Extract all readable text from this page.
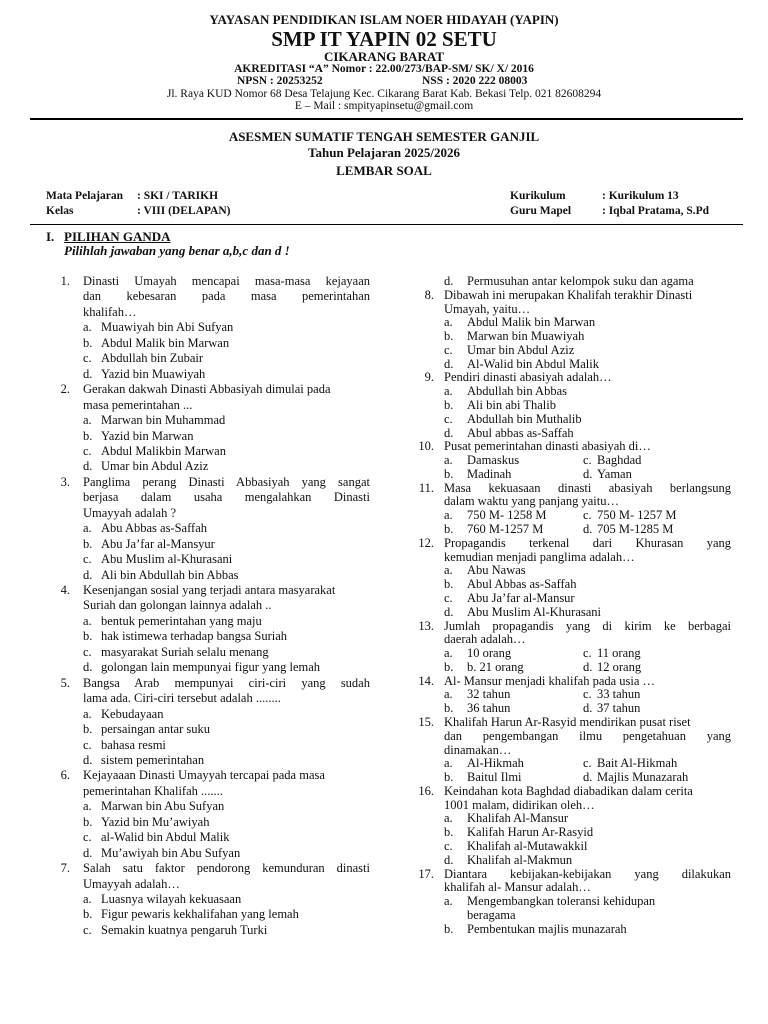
YAYASAN PENDIDIKAN ISLAM NOER HIDAYAH (YAPIN)
SMP IT YAPIN 02 SETU
CIKARANG BARAT
AKREDITASI “A” Nomor : 22.00/273/BAP-SM/ SK/ X/ 2016
NPSN : 20253252	NSS : 2020 222 08003
Jl. Raya KUD Nomor 68 Desa Telajung Kec. Cikarang Barat Kab. Bekasi Telp. 021 82608294
E – Mail : smpityapinsetu@gmail.com
ASESMEN SUMATIF TENGAH SEMESTER GANJIL
Tahun Pelajaran 2025/2026
LEMBAR SOAL
Mata Pelajaran : SKI / TARIKH
Kelas	: VIII (DELAPAN)
Kurikulum	: Kurikulum 13
Guru Mapel	: Iqbal Pratama, S.Pd
I. PILIHAN GANDA
Pilihlah jawaban yang benar a,b,c dan d !
1. Dinasti Umayah mencapai masa-masa kejayaan
dan kebesaran pada masa pemerintahan
khalifah…
a. Muawiyah bin Abi Sufyan
b. Abdul Malik bin Marwan
c. Abdullah bin Zubair
d. Yazid bin Muawiyah
2. Gerakan dakwah Dinasti Abbasiyah dimulai pada
masa pemerintahan ...
a. Marwan bin Muhammad
b. Yazid bin Marwan
c. Abdul Malikbin Marwan
d. Umar bin Abdul Aziz
3. Panglima perang Dinasti Abbasiyah yang sangat
berjasa dalam usaha mengalahkan Dinasti
Umayyah adalah ?
a. Abu Abbas as-Saffah
b. Abu Ja’far al-Mansyur
c. Abu Muslim al-Khurasani
d. Ali bin Abdullah bin Abbas
4. Kesenjangan sosial yang terjadi antara masyarakat
Suriah dan golongan lainnya adalah ..
a. bentuk pemerintahan yang maju
b. hak istimewa terhadap bangsa Suriah
c. masyarakat Suriah selalu menang
d. golongan lain mempunyai figur yang lemah
5. Bangsa Arab mempunyai ciri-ciri yang sudah
lama ada. Ciri-ciri tersebut adalah ........
a. Kebudayaan
b. persaingan antar suku
c. bahasa resmi
d. sistem pemerintahan
6. Kejayaaan Dinasti Umayyah tercapai pada masa
pemerintahan Khalifah .......
a. Marwan bin Abu Sufyan
b. Yazid bin Mu’awiyah
c. al-Walid bin Abdul Malik
d. Mu’awiyah bin Abu Sufyan
7. Salah satu faktor pendorong kemunduran dinasti
Umayyah adalah…
a. Luasnya wilayah kekuasaan
b. Figur pewaris kekhalifahan yang lemah
c. Semakin kuatnya pengaruh Turki
d. Permusuhan antar kelompok suku dan agama
8. Dibawah ini merupakan Khalifah terakhir Dinasti
Umayah, yaitu…
a. Abdul Malik bin Marwan
b. Marwan bin Muawiyah
c. Umar bin Abdul Aziz
d. Al-Walid bin Abdul Malik
9. Pendiri dinasti abasiyah adalah…
a. Abdullah bin Abbas
b. Ali bin abi Thalib
c. Abdullah bin Muthalib
d. Abul abbas as-Saffah
10. Pusat pemerintahan dinasti abasiyah di…
a. Damaskus	c. Baghdad
b. Madinah	d. Yaman
11. Masa kekuasaan dinasti abasiyah berlangsung
dalam waktu yang panjang yaitu…
a. 750 M- 1258 M	c. 750 M- 1257 M
b. 760 M-1257 M	d. 705 M-1285 M
12. Propagandis terkenal dari Khurasan yang
kemudian menjadi panglima adalah…
a. Abu Nawas
b. Abul Abbas as-Saffah
c. Abu Ja’far al-Mansur
d. Abu Muslim Al-Khurasani
13. Jumlah propagandis yang di kirim ke berbagai
daerah adalah…
a. 10 orang	c. 11 orang
b. b. 21 orang	d. 12 orang
14. Al- Mansur menjadi khalifah pada usia …
a. 32 tahun	c. 33 tahun
b. 36 tahun	d. 37 tahun
15. Khalifah Harun Ar-Rasyid mendirikan pusat riset
dan pengembangan ilmu pengetahuan yang
dinamakan…
a. Al-Hikmah	c. Bait Al-Hikmah
b. Baitul Ilmi	d. Majlis Munazarah
16. Keindahan kota Baghdad diabadikan dalam cerita
1001 malam, didirikan oleh…
a. Khalifah Al-Mansur
b. Kalifah Harun Ar-Rasyid
c. Khalifah al-Mutawakkil
d. Khalifah al-Makmun
17. Diantara kebijakan-kebijakan yang dilakukan
khalifah al- Mansur adalah…
a. Mengembangkan toleransi kehidupan
beragama
b. Pembentukan majlis munazarah
